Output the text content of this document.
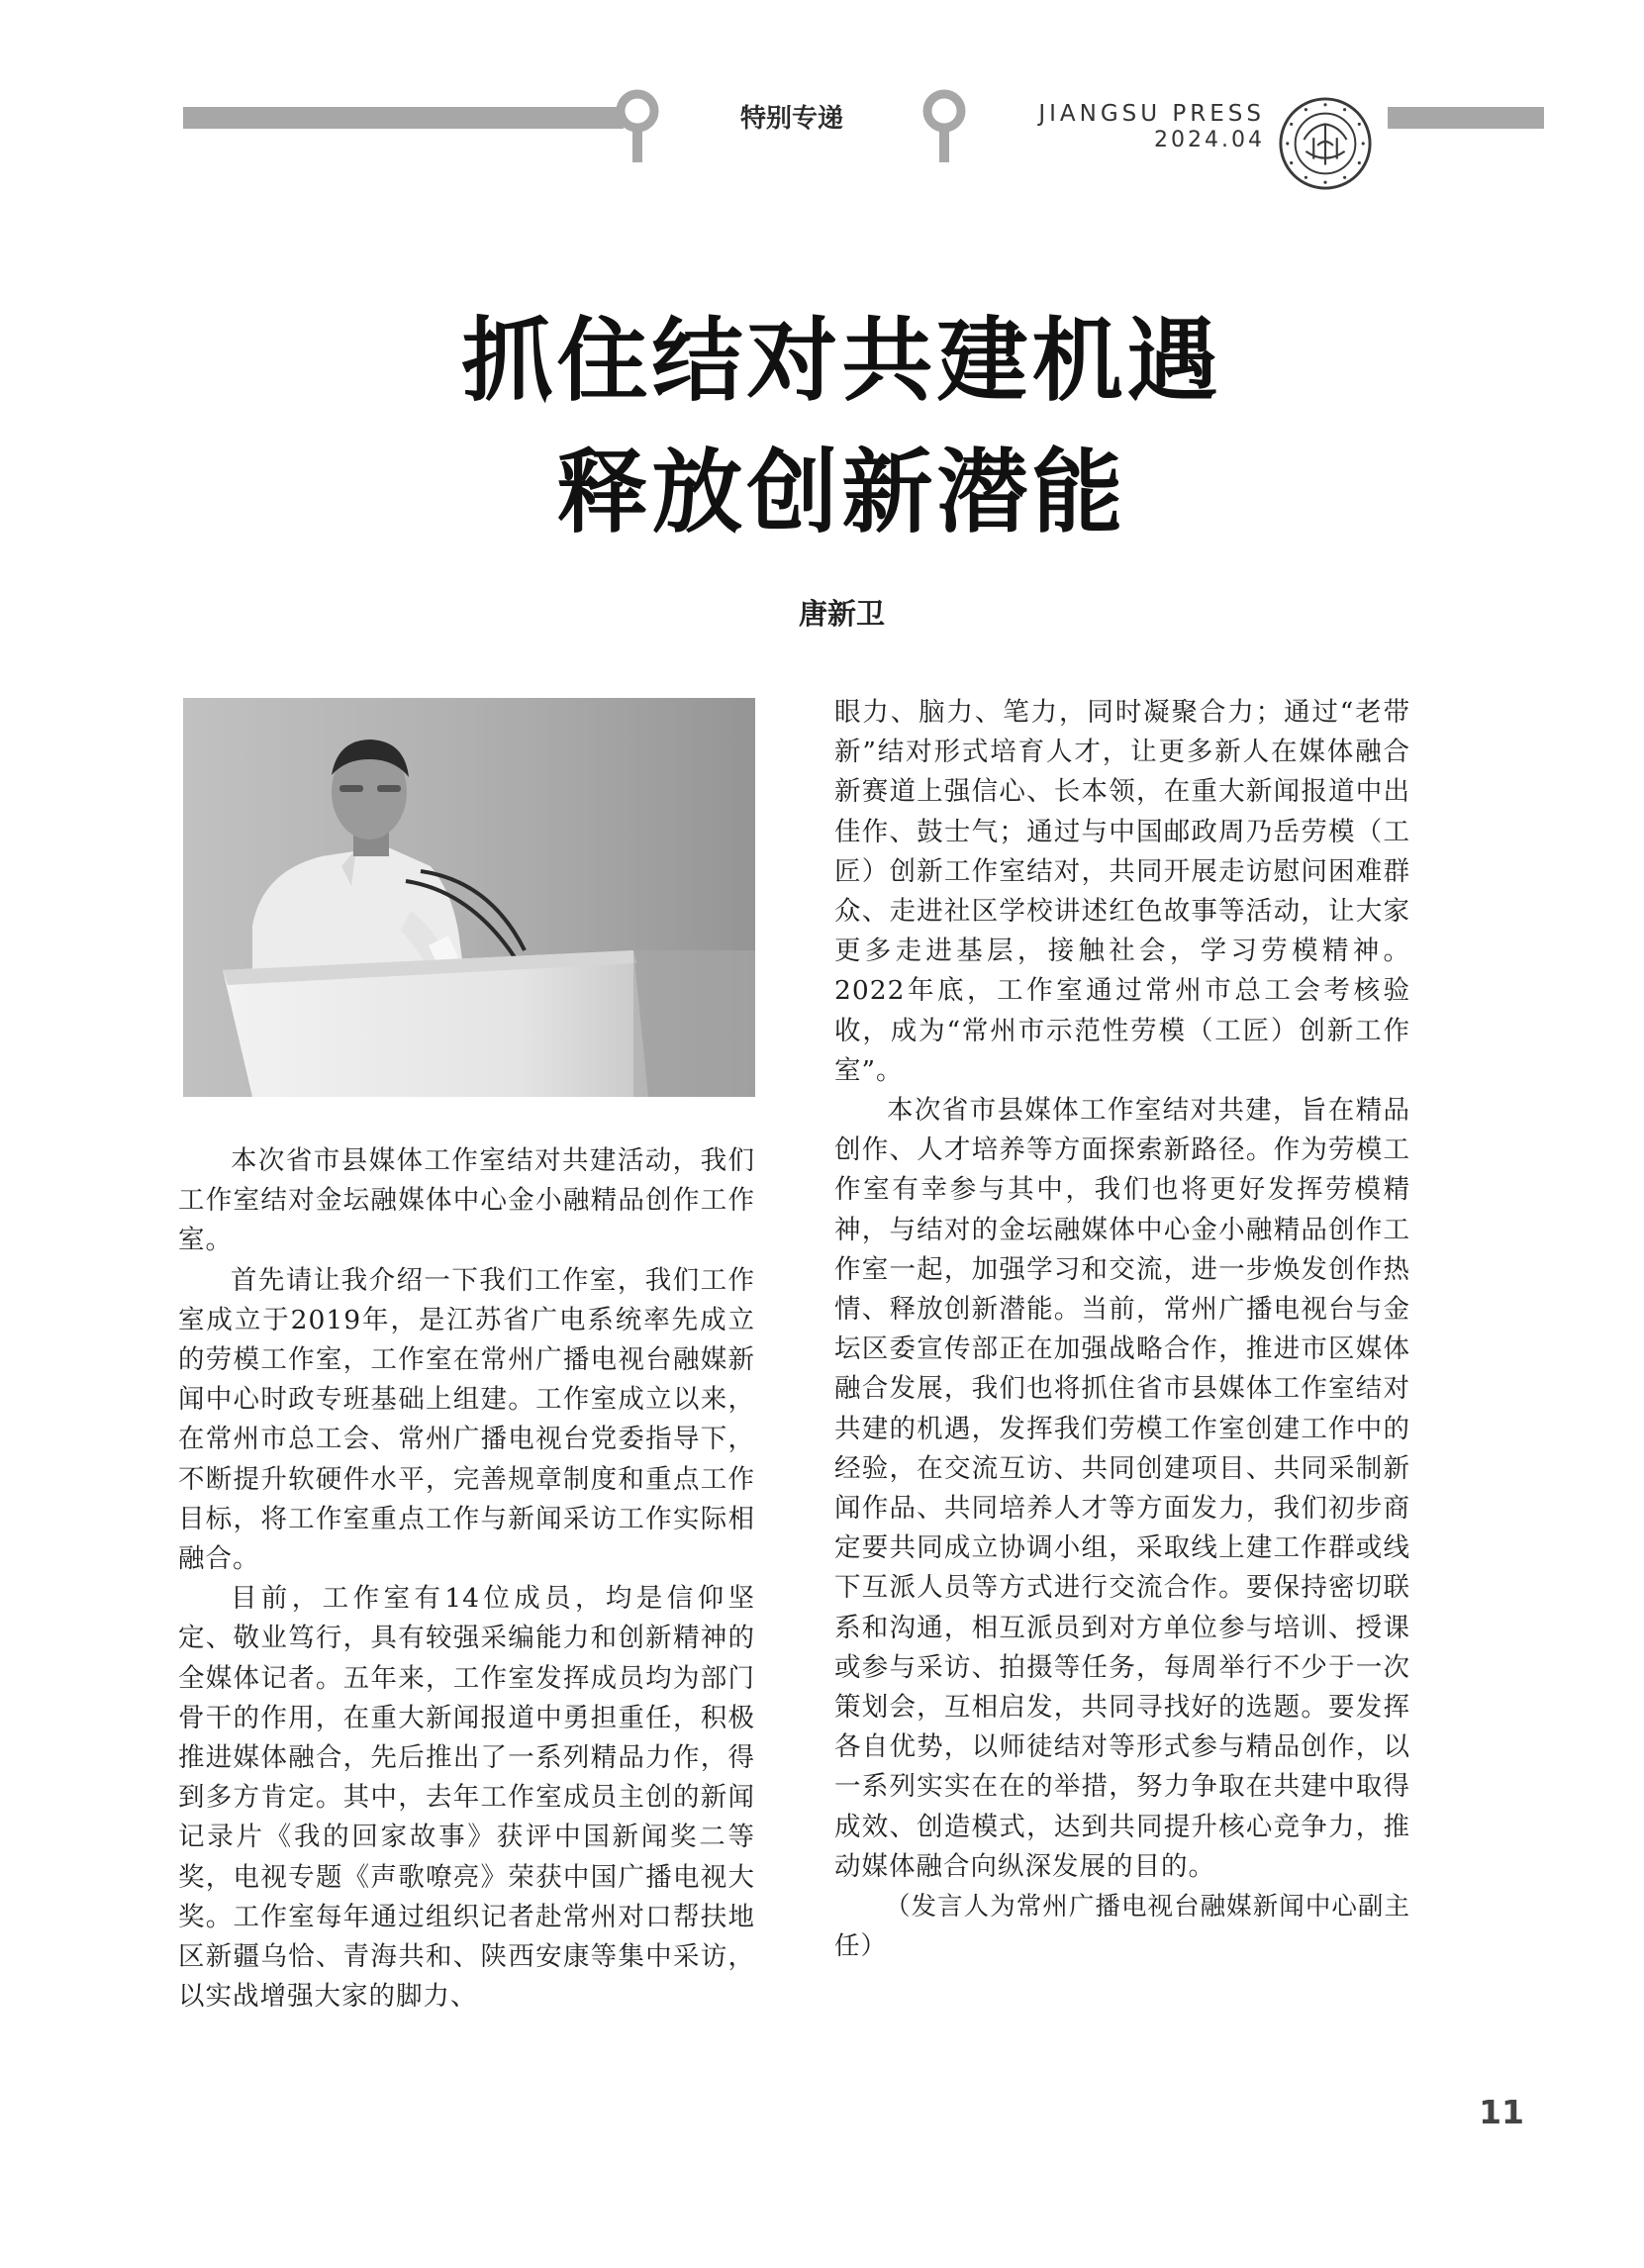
特别专递	JIANGSU PRESS
2024.04
抓住结对共建机遇
释放创新潜能
唐新卫

本次省市县媒体工作室结对共建活动，我们工作室结对金坛融媒体中心金小融精品创作工作室。

首先请让我介绍一下我们工作室，我们工作室成立于2019年，是江苏省广电系统率先成立的劳模工作室，工作室在常州广播电视台融媒新闻中心时政专班基础上组建。工作室成立以来，在常州市总工会、常州广播电视台党委指导下，不断提升软硬件水平，完善规章制度和重点工作目标，将工作室重点工作与新闻采访工作实际相融合。

目前，工作室有14位成员，均是信仰坚定、敬业笃行，具有较强采编能力和创新精神的全媒体记者。五年来，工作室发挥成员均为部门骨干的作用，在重大新闻报道中勇担重任，积极推进媒体融合，先后推出了一系列精品力作，得到多方肯定。其中，去年工作室成员主创的新闻记录片《我的回家故事》获评中国新闻奖二等奖，电视专题《声歌嘹亮》荣获中国广播电视大奖。工作室每年通过组织记者赴常州对口帮扶地区新疆乌恰、青海共和、陕西安康等集中采访，以实战增强大家的脚力、

眼力、脑力、笔力，同时凝聚合力；通过“老带新”结对形式培育人才，让更多新人在媒体融合新赛道上强信心、长本领，在重大新闻报道中出佳作、鼓士气；通过与中国邮政周乃岳劳模（工匠）创新工作室结对，共同开展走访慰问困难群众、走进社区学校讲述红色故事等活动，让大家更多走进基层，接触社会，学习劳模精神。2022年底，工作室通过常州市总工会考核验收，成为“常州市示范性劳模（工匠）创新工作室”。

本次省市县媒体工作室结对共建，旨在精品创作、人才培养等方面探索新路径。作为劳模工作室有幸参与其中，我们也将更好发挥劳模精神，与结对的金坛融媒体中心金小融精品创作工作室一起，加强学习和交流，进一步焕发创作热情、释放创新潜能。当前，常州广播电视台与金坛区委宣传部正在加强战略合作，推进市区媒体融合发展，我们也将抓住省市县媒体工作室结对共建的机遇，发挥我们劳模工作室创建工作中的经验，在交流互访、共同创建项目、共同采制新闻作品、共同培养人才等方面发力，我们初步商定要共同成立协调小组，采取线上建工作群或线下互派人员等方式进行交流合作。要保持密切联系和沟通，相互派员到对方单位参与培训、授课或参与采访、拍摄等任务，每周举行不少于一次策划会，互相启发，共同寻找好的选题。要发挥各自优势，以师徒结对等形式参与精品创作，以一系列实实在在的举措，努力争取在共建中取得成效、创造模式，达到共同提升核心竞争力，推动媒体融合向纵深发展的目的。

（发言人为常州广播电视台融媒新闻中心副主任）

11
